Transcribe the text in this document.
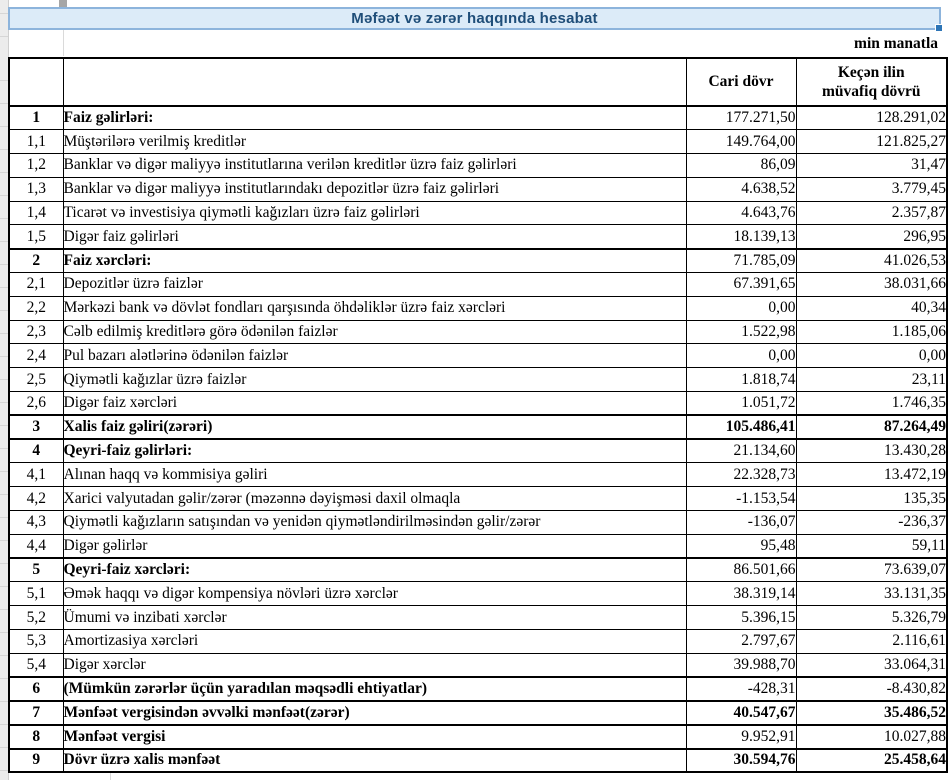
Məfəət və zərər haqqında hesabat
min manatla
		Cari dövr	Keçən ilin müvafiq dövrü
1	Faiz gəlirləri:	177.271,50	128.291,02
1,1	Müştərilərə verilmiş kreditlər	149.764,00	121.825,27
1,2	Banklar və digər maliyyə institutlarına verilən kreditlər üzrə faiz gəlirləri	86,09	31,47
1,3	Banklar və digər maliyyə institutlarındakı depozitlər üzrə faiz gəlirləri	4.638,52	3.779,45
1,4	Ticarət və investisiya qiymətli kağızları üzrə faiz gəlirləri	4.643,76	2.357,87
1,5	Digər faiz gəlirləri	18.139,13	296,95
2	Faiz xərcləri:	71.785,09	41.026,53
2,1	Depozitlər üzrə faizlər	67.391,65	38.031,66
2,2	Mərkəzi bank və dövlət fondları qarşısında öhdəliklər üzrə faiz xərcləri	0,00	40,34
2,3	Cəlb edilmiş kreditlərə görə ödənilən faizlər	1.522,98	1.185,06
2,4	Pul bazarı alətlərinə ödənilən faizlər	0,00	0,00
2,5	Qiymətli kağızlar üzrə faizlər	1.818,74	23,11
2,6	Digər faiz xərcləri	1.051,72	1.746,35
3	Xalis faiz gəliri(zərəri)	105.486,41	87.264,49
4	Qeyri-faiz gəlirləri:	21.134,60	13.430,28
4,1	Alınan haqq və kommisiya gəliri	22.328,73	13.472,19
4,2	Xarici valyutadan gəlir/zərər (məzənnə dəyişməsi daxil olmaqla	-1.153,54	135,35
4,3	Qiymətli kağızların satışından və yenidən qiymətləndirilməsindən gəlir/zərər	-136,07	-236,37
4,4	Digər gəlirlər	95,48	59,11
5	Qeyri-faiz xərcləri:	86.501,66	73.639,07
5,1	Əmək haqqı və digər kompensiya növləri üzrə xərclər	38.319,14	33.131,35
5,2	Ümumi və inzibati xərclər	5.396,15	5.326,79
5,3	Amortizasiya xərcləri	2.797,67	2.116,61
5,4	Digər xərclər	39.988,70	33.064,31
6	(Mümkün zərərlər üçün yaradılan məqsədli ehtiyatlar)	-428,31	-8.430,82
7	Mənfəət vergisindən əvvəlki mənfəət(zərər)	40.547,67	35.486,52
8	Mənfəət vergisi	9.952,91	10.027,88
9	Dövr üzrə xalis mənfəət	30.594,76	25.458,64
